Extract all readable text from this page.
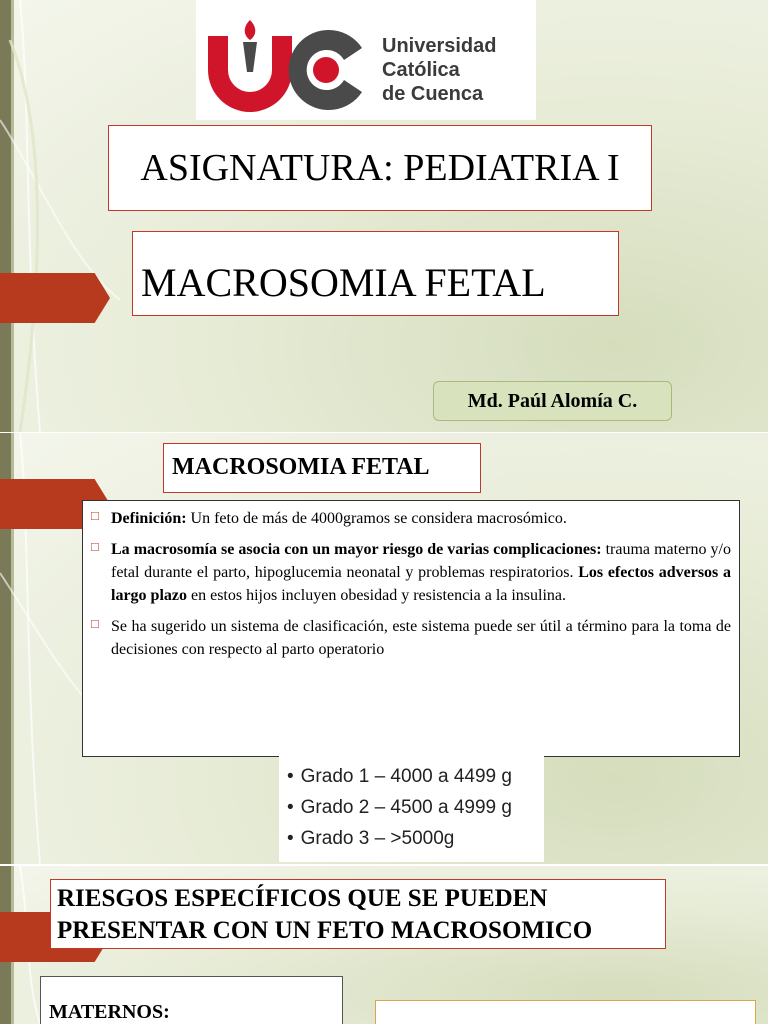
Universidad
Católica
de Cuenca
ASIGNATURA: PEDIATRIA I
MACROSOMIA FETAL
Md. Paúl Alomía C.
MACROSOMIA FETAL

□ Definición: Un feto de más de 4000gramos se considera macrosómico.

□ La macrosomía se asocia con un mayor riesgo de varias complicaciones: trauma materno y/o fetal durante el parto, hipoglucemia neonatal y problemas respiratorios. Los efectos adversos a largo plazo en estos hijos incluyen obesidad y resistencia a la insulina.

□ Se ha sugerido un sistema de clasificación, este sistema puede ser útil a término para la toma de decisiones con respecto al parto operatorio

• Grado 1 – 4000 a 4499 g
• Grado 2 – 4500 a 4999 g
• Grado 3 – >5000g
RIESGOS ESPECÍFICOS QUE SE PUEDEN PRESENTAR CON UN FETO MACROSOMICO
MATERNOS:
